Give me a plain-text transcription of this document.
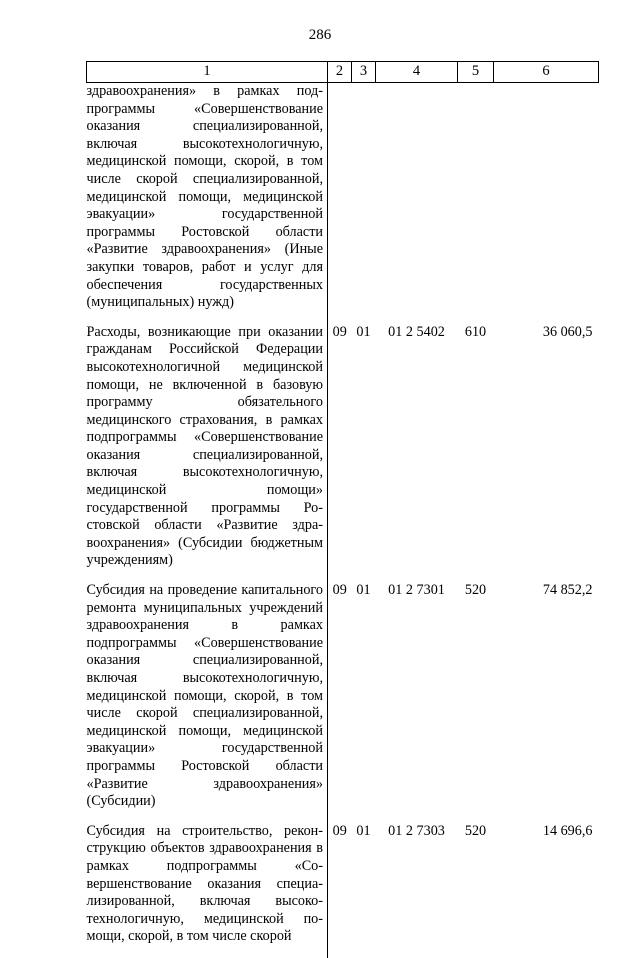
286
1	2	3	4	5	6
здравоохранения» в рамках подпрограммы «Совершенствование оказания специализированной, включая высокотехнологичную, медицинской помощи, скорой, в том числе скорой специализированной, медицинской помощи, медицинской эвакуации» государственной программы Ростовской области «Развитие здравоохранения» (Иные закупки товаров, работ и услуг для обеспечения государственных (муниципальных) нужд)					
Расходы, возникающие при оказании гражданам Российской Федерации высокотехнологичной медицинской помощи, не включенной в базовую программу обязательного медицинского страхования, в рамках подпрограммы «Совершенствование оказания специализированной, включая высокотехнологичную, медицинской помощи» государственной программы Ростовской области «Развитие здравоохранения» (Субсидии бюджетным учреждениям)	09	01	01 2 5402	610	36 060,5
Субсидия на проведение капитального ремонта муниципальных учреждений здравоохранения в рамках подпрограммы «Совершенствование оказания специализированной, включая высокотехнологичную, медицинской помощи, скорой, в том числе скорой специализированной, медицинской помощи, медицинской эвакуации» государственной программы Ростовской области «Развитие здравоохранения» (Субсидии)	09	01	01 2 7301	520	74 852,2
Субсидия на строительство, реконструкцию объектов здравоохранения в рамках подпрограммы «Совершенствование оказания специализированной, включая высокотехнологичную, медицинской помощи, скорой, в том числе скорой	09	01	01 2 7303	520	14 696,6
